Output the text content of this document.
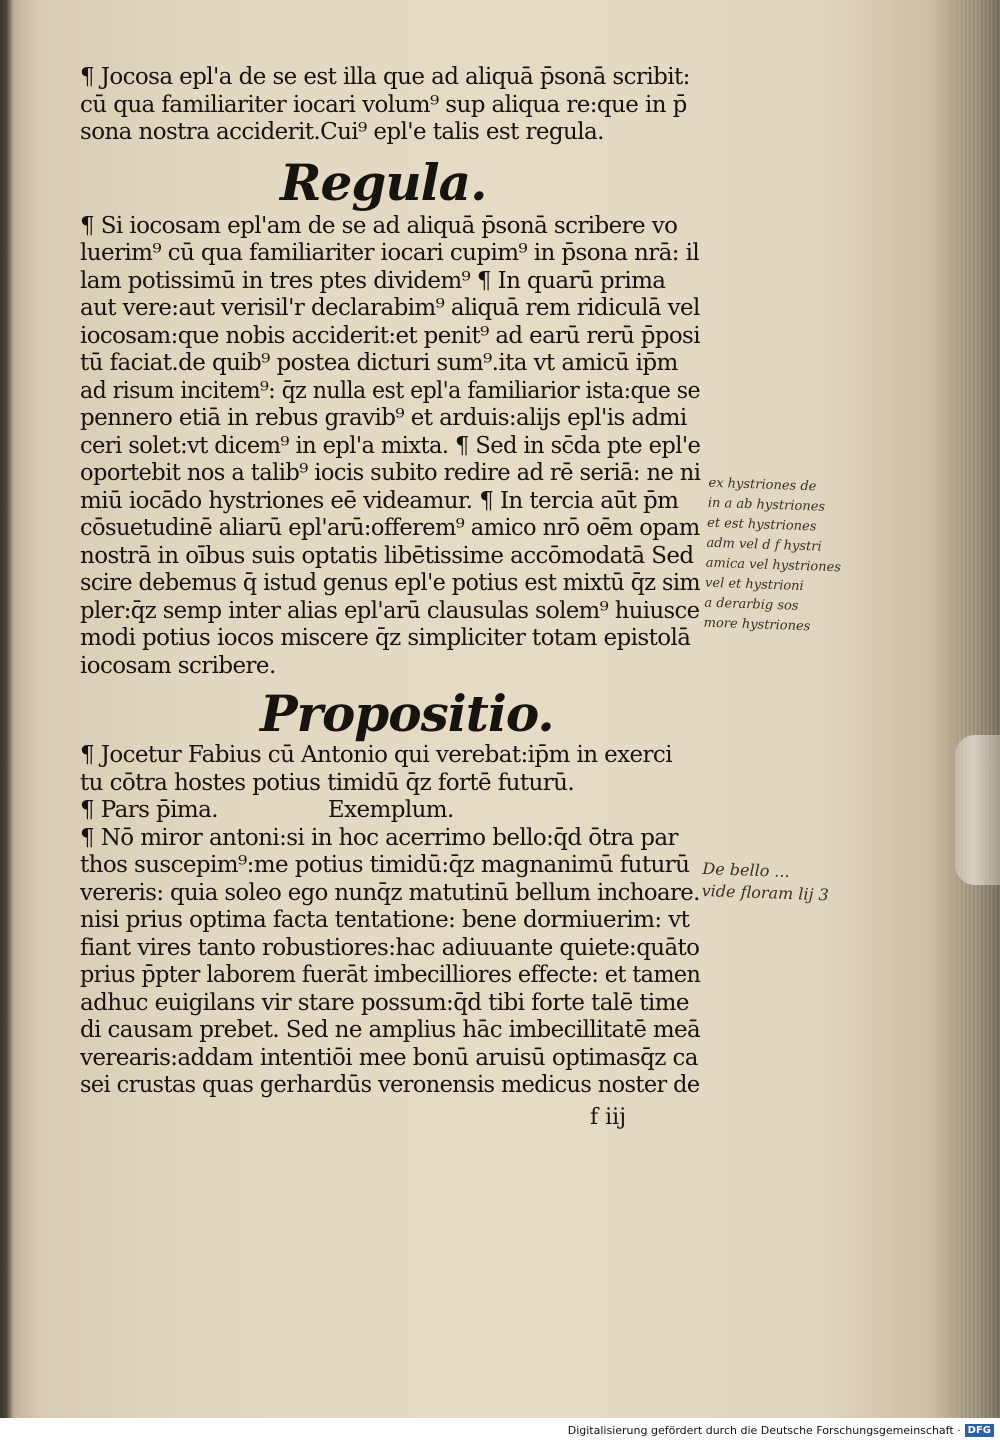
¶ Jocosa epl'a de se est illa que ad aliquā p̄sonā scribit:
cū qua familiariter iocari volum⁹ sup aliqua re:que in p̄
sona nostra acciderit.Cui⁹ epl'e talis est regula.
Regula.
¶ Si iocosam epl'am de se ad aliquā p̄sonā scribere vo
luerim⁹ cū qua familiariter iocari cupim⁹ in p̄sona nrā: il
lam potissimū in tres ptes dividem⁹ ¶ In quarū prima
aut vere:aut verisil'r declarabim⁹ aliquā rem ridiculā vel
iocosam:que nobis acciderit:et penit⁹ ad earū rerū p̄posi
tū faciat.de quib⁹ postea dicturi sum⁹.ita vt amicū ip̄m
ad risum incitem⁹: q̄z nulla est epl'a familiarior ista:que se
pennero etiā in rebus gravib⁹ et arduis:alijs epl'is admi
ceri solet:vt dicem⁹ in epl'a mixta. ¶ Sed in sc̄da pte epl'e
oportebit nos a talib⁹ iocis subito redire ad rē seriā: ne ni
miū iocādo hystriones eē videamur. ¶ In tercia aūt p̄m
cōsuetudinē aliarū epl'arū:offerem⁹ amico nrō oēm opam
nostrā in oībus suis optatis libētissime accōmodatā Sed
scire debemus q̄ istud genus epl'e potius est mixtū q̄z sim
pler:q̄z semp inter alias epl'arū clausulas solem⁹ huiusce
modi potius iocos miscere q̄z simpliciter totam epistolā
iocosam scribere.
Propositio.
¶ Jocetur Fabius cū Antonio qui verebat:ip̄m in exerci
tu cōtra hostes potius timidū q̄z fortē futurū.
¶ Pars p̄ima.	Exemplum.
¶ Nō miror antoni:si in hoc acerrimo bello:q̄d ōtra par
thos suscepim⁹:me potius timidū:q̄z magnanimū futurū
vereris: quia soleo ego nunq̄z matutinū bellum inchoare.
nisi prius optima facta tentatione: bene dormiuerim: vt
fiant vires tanto robustiores:hac adiuuante quiete:quāto
prius p̄pter laborem fuerāt imbecilliores effecte: et tamen
adhuc euigilans vir stare possum:q̄d tibi forte talē time
di causam prebet. Sed ne amplius hāc imbecillitatē meā
verearis:addam intentiōi mee bonū aruisū optimasq̄z ca
sei crustas quas gerhardūs veronensis medicus noster de
f iij
ex hystriones de
in a ab hystriones
et est hystriones
adm vel d f hystri
amica vel hystriones
vel et hystrioni
a derarbig sos
more hystriones
De bello ...
vide floram lij 3
Digitalisierung gefördert durch die Deutsche Forschungsgemeinschaft · DFG
